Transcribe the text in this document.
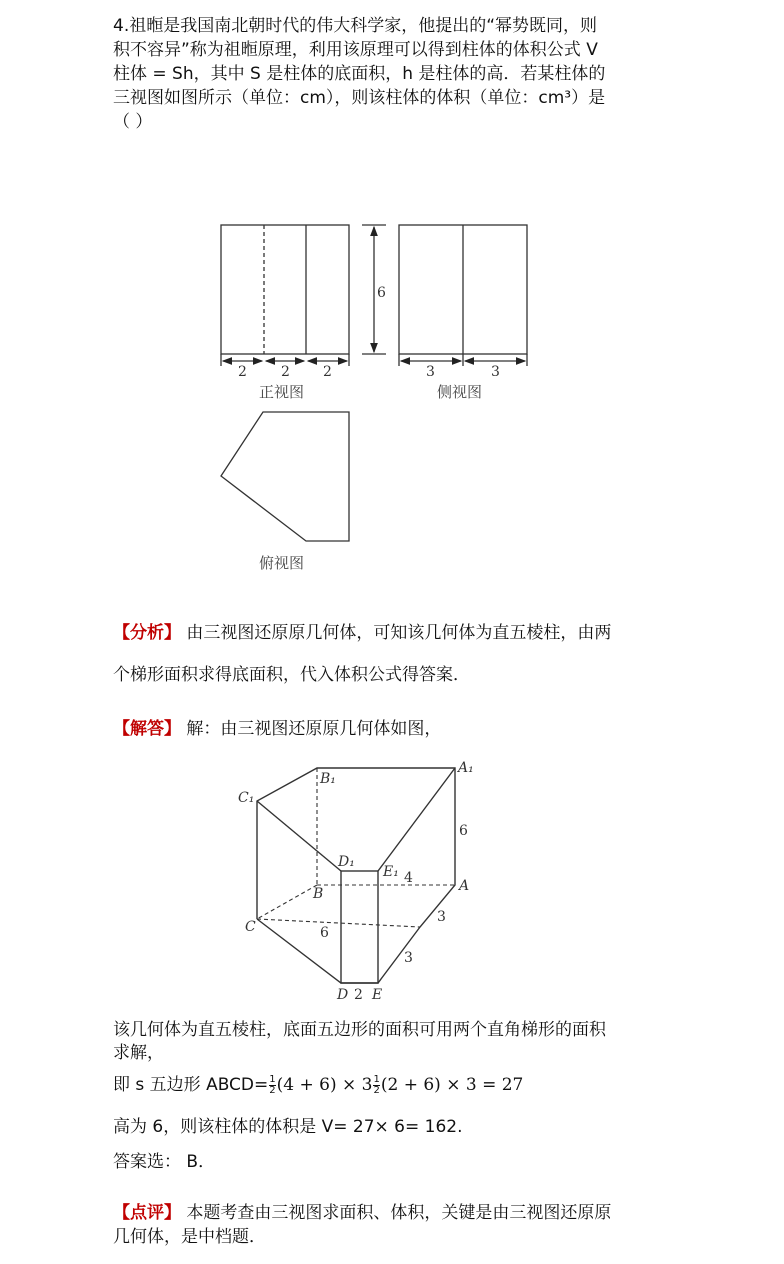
4.祖暅是我国南北朝时代的伟大科学家，他提出的“幂势既同，则
积不容异”称为祖暅原理，利用该原理可以得到柱体的体积公式 V
柱体 = Sh，其中 S 是柱体的底面积，h 是柱体的高．若某柱体的
三视图如图所示（单位：cm），则该柱体的体积（单位：cm³）是
（ ）
2 2 2
6
正视图
3	3
侧视图
俯视图
B₁
A₁
C₁
D₁
E₁
B	A
C
D E
6
4
3
3
6
2
【分析】 由三视图还原原几何体，可知该几何体为直五棱柱，由两
个梯形面积求得底面积，代入体积公式得答案．
【解答】 解：由三视图还原原几何体如图，
该几何体为直五棱柱，底面五边形的面积可用两个直角梯形的面积
求解，
即 s 五边形 ABCD= $\frac{1}{2} (4 + 6) \times 3 \frac{1}{2} (2 + 6) \times 3 = 27$
高为 6，则该柱体的体积是 V= 27× 6= 162.
答案选： B．
【点评】 本题考查由三视图求面积、体积，关键是由三视图还原原
几何体，是中档题．
